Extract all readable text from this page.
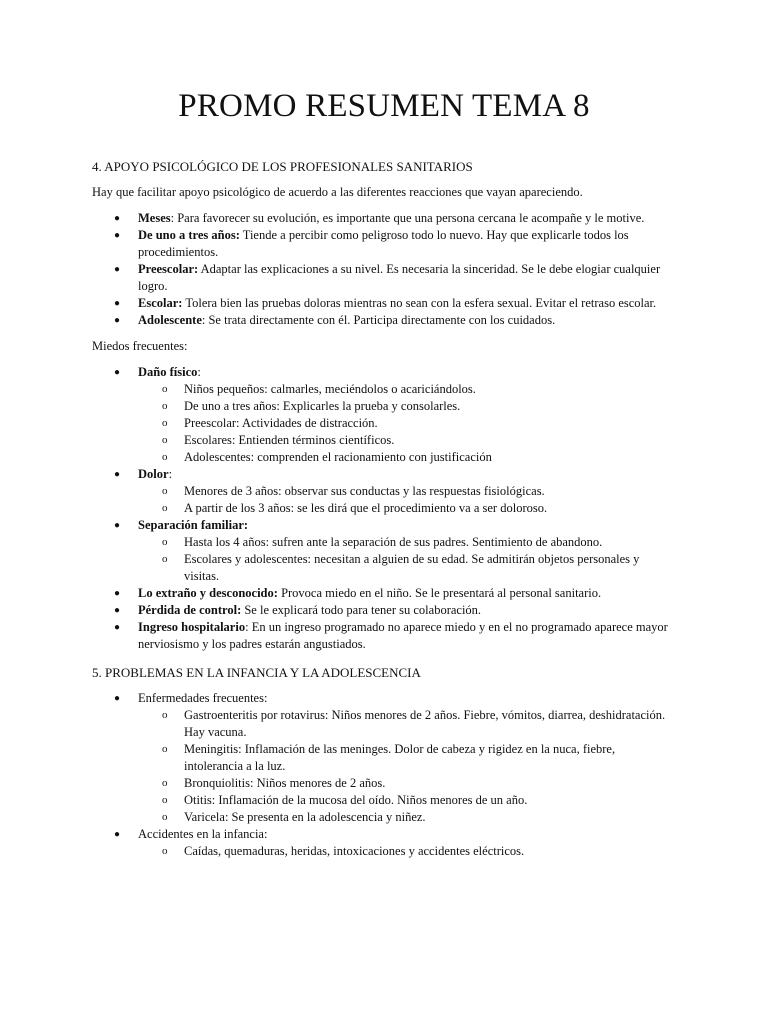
PROMO RESUMEN TEMA 8
4. APOYO PSICOLÓGICO DE LOS PROFESIONALES SANITARIOS

Hay que facilitar apoyo psicológico de acuerdo a las diferentes reacciones que vayan apareciendo.

● Meses: Para favorecer su evolución, es importante que una persona cercana le acompañe y le motive.
● De uno a tres años: Tiende a percibir como peligroso todo lo nuevo. Hay que explicarle todos los procedimientos.
● Preescolar: Adaptar las explicaciones a su nivel. Es necesaria la sinceridad. Se le debe elogiar cualquier logro.
● Escolar: Tolera bien las pruebas doloras mientras no sean con la esfera sexual. Evitar el retraso escolar.
● Adolescente: Se trata directamente con él. Participa directamente con los cuidados.

Miedos frecuentes:

● Daño físico:
o Niños pequeños: calmarles, meciéndolos o acariciándolos.
o De uno a tres años: Explicarles la prueba y consolarles.
o Preescolar: Actividades de distracción.
o Escolares: Entienden términos científicos.
o Adolescentes: comprenden el racionamiento con justificación
● Dolor:
o Menores de 3 años: observar sus conductas y las respuestas fisiológicas.
o A partir de los 3 años: se les dirá que el procedimiento va a ser doloroso.
● Separación familiar:
o Hasta los 4 años: sufren ante la separación de sus padres. Sentimiento de abandono.
o Escolares y adolescentes: necesitan a alguien de su edad. Se admitirán objetos personales y visitas.
● Lo extraño y desconocido: Provoca miedo en el niño. Se le presentará al personal sanitario.
● Pérdida de control: Se le explicará todo para tener su colaboración.
● Ingreso hospitalario: En un ingreso programado no aparece miedo y en el no programado aparece mayor nerviosismo y los padres estarán angustiados.
5. PROBLEMAS EN LA INFANCIA Y LA ADOLESCENCIA
● Enfermedades frecuentes:
o Gastroenteritis por rotavirus: Niños menores de 2 años. Fiebre, vómitos, diarrea, deshidratación. Hay vacuna.
o Meningitis: Inflamación de las meninges. Dolor de cabeza y rigidez en la nuca, fiebre, intolerancia a la luz.
o Bronquiolitis: Niños menores de 2 años.
o Otitis: Inflamación de la mucosa del oído. Niños menores de un año.
o Varicela: Se presenta en la adolescencia y niñez.
● Accidentes en la infancia:
o Caídas, quemaduras, heridas, intoxicaciones y accidentes eléctricos.
